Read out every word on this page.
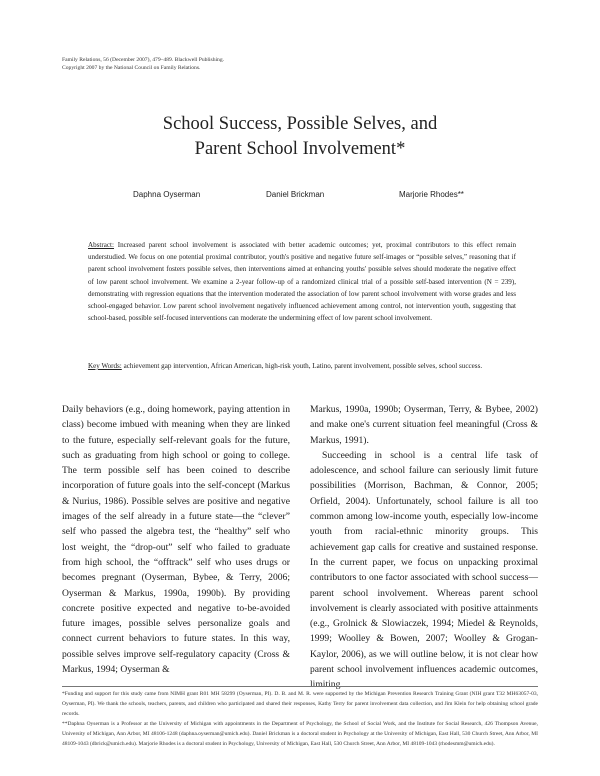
Family Relations, 56 (December 2007), 479–489. Blackwell Publishing.
Copyright 2007 by the National Council on Family Relations.
School Success, Possible Selves, and
Parent School Involvement*
Daphna Oyserman	Daniel Brickman	Marjorie Rhodes**
Abstract: Increased parent school involvement is associated with better academic outcomes; yet, proximal contributors to this effect remain understudied. We focus on one potential proximal contributor, youth's positive and negative future self-images or “possible selves,” reasoning that if parent school involvement fosters possible selves, then interventions aimed at enhancing youths' possible selves should moderate the negative effect of low parent school involvement. We examine a 2-year follow-up of a randomized clinical trial of a possible self-based intervention (N = 239), demonstrating with regression equations that the intervention moderated the association of low parent school involvement with worse grades and less school-engaged behavior. Low parent school involvement negatively influenced achievement among control, not intervention youth, suggesting that school-based, possible self-focused interventions can moderate the undermining effect of low parent school involvement.
Key Words: achievement gap intervention, African American, high-risk youth, Latino, parent involvement, possible selves, school success.

Daily behaviors (e.g., doing homework, paying attention in class) become imbued with meaning when they are linked to the future, especially self-relevant goals for the future, such as graduating from high school or going to college. The term possible self has been coined to describe incorporation of future goals into the self-concept (Markus & Nurius, 1986). Possible selves are positive and negative images of the self already in a future state—the “clever” self who passed the algebra test, the “healthy” self who lost weight, the “drop-out” self who failed to graduate from high school, the “offtrack” self who uses drugs or becomes pregnant (Oyserman, Bybee, & Terry, 2006; Oyserman & Markus, 1990a, 1990b). By providing concrete positive expected and negative to-be-avoided future images, possible selves personalize goals and connect current behaviors to future states. In this way, possible selves improve self-regulatory capacity (Cross & Markus, 1994; Oyserman &

Markus, 1990a, 1990b; Oyserman, Terry, & Bybee, 2002) and make one's current situation feel meaningful (Cross & Markus, 1991).

Succeeding in school is a central life task of adolescence, and school failure can seriously limit future possibilities (Morrison, Bachman, & Connor, 2005; Orfield, 2004). Unfortunately, school failure is all too common among low-income youth, especially low-income youth from racial-ethnic minority groups. This achievement gap calls for creative and sustained response. In the current paper, we focus on unpacking proximal contributors to one factor associated with school success—parent school involvement. Whereas parent school involvement is clearly associated with positive attainments (e.g., Grolnick & Slowiaczek, 1994; Miedel & Reynolds, 1999; Woolley & Bowen, 2007; Woolley & Grogan-Kaylor, 2006), as we will outline below, it is not clear how parent school involvement influences academic outcomes, limiting

*Funding and support for this study came from NIMH grant R01 MH 58299 (Oyserman, PI). D. B. and M. R. were supported by the Michigan Prevention Research Training Grant (NIH grant T32 MH63057-03, Oyserman, PI). We thank the schools, teachers, parents, and children who participated and shared their responses, Kathy Terry for parent involvement data collection, and Jim Klein for help obtaining school grade records.
**Daphna Oyserman is a Professor at the University of Michigan with appointments in the Department of Psychology, the School of Social Work, and the Institute for Social Research, 426 Thompson Avenue, University of Michigan, Ann Arbor, MI 48106-1248 (daphna.oyserman@umich.edu). Daniel Brickman is a doctoral student in Psychology at the University of Michigan, East Hall, 530 Church Street, Ann Arbor, MI 48109-1043 (dbrick@umich.edu). Marjorie Rhodes is a doctoral student in Psychology, University of Michigan, East Hall, 530 Church Street, Ann Arbor, MI 48109-1043 (rhodesmm@umich.edu).
